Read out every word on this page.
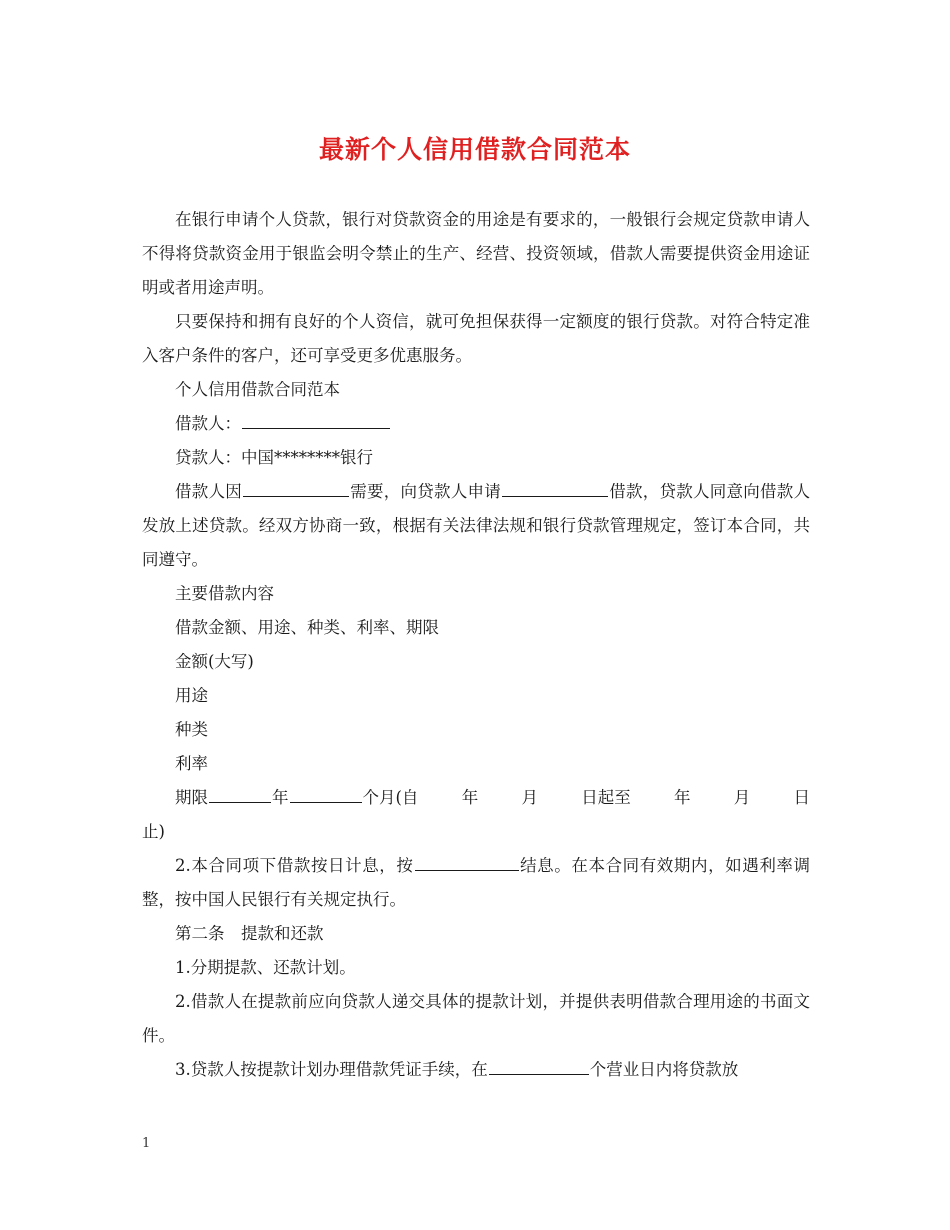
最新个人信用借款合同范本

在银行申请个人贷款，银行对贷款资金的用途是有要求的，一般银行会规定贷款申请人不得将贷款资金用于银监会明令禁止的生产、经营、投资领域，借款人需要提供资金用途证明或者用途声明。

只要保持和拥有良好的个人资信，就可免担保获得一定额度的银行贷款。对符合特定准入客户条件的客户，还可享受更多优惠服务。

个人信用借款合同范本

借款人：

贷款人：中国********银行

借款人因	需要，向贷款人申请	借款，贷款人同意向借款人发放上述贷款。经双方协商一致，根据有关法律法规和银行贷款管理规定，签订本合同，共同遵守。

主要借款内容

借款金额、用途、种类、利率、期限

金额(大写)

用途

种类

利率

期限	年	个月(自	年	月	日起至	年	月	日

止)

2.本合同项下借款按日计息，按	结息。在本合同有效期内，如遇利率调整，按中国人民银行有关规定执行。

第二条　提款和还款

1.分期提款、还款计划。

2.借款人在提款前应向贷款人递交具体的提款计划，并提供表明借款合理用途的书面文件。

3.贷款人按提款计划办理借款凭证手续，在	个营业日内将贷款放

1
